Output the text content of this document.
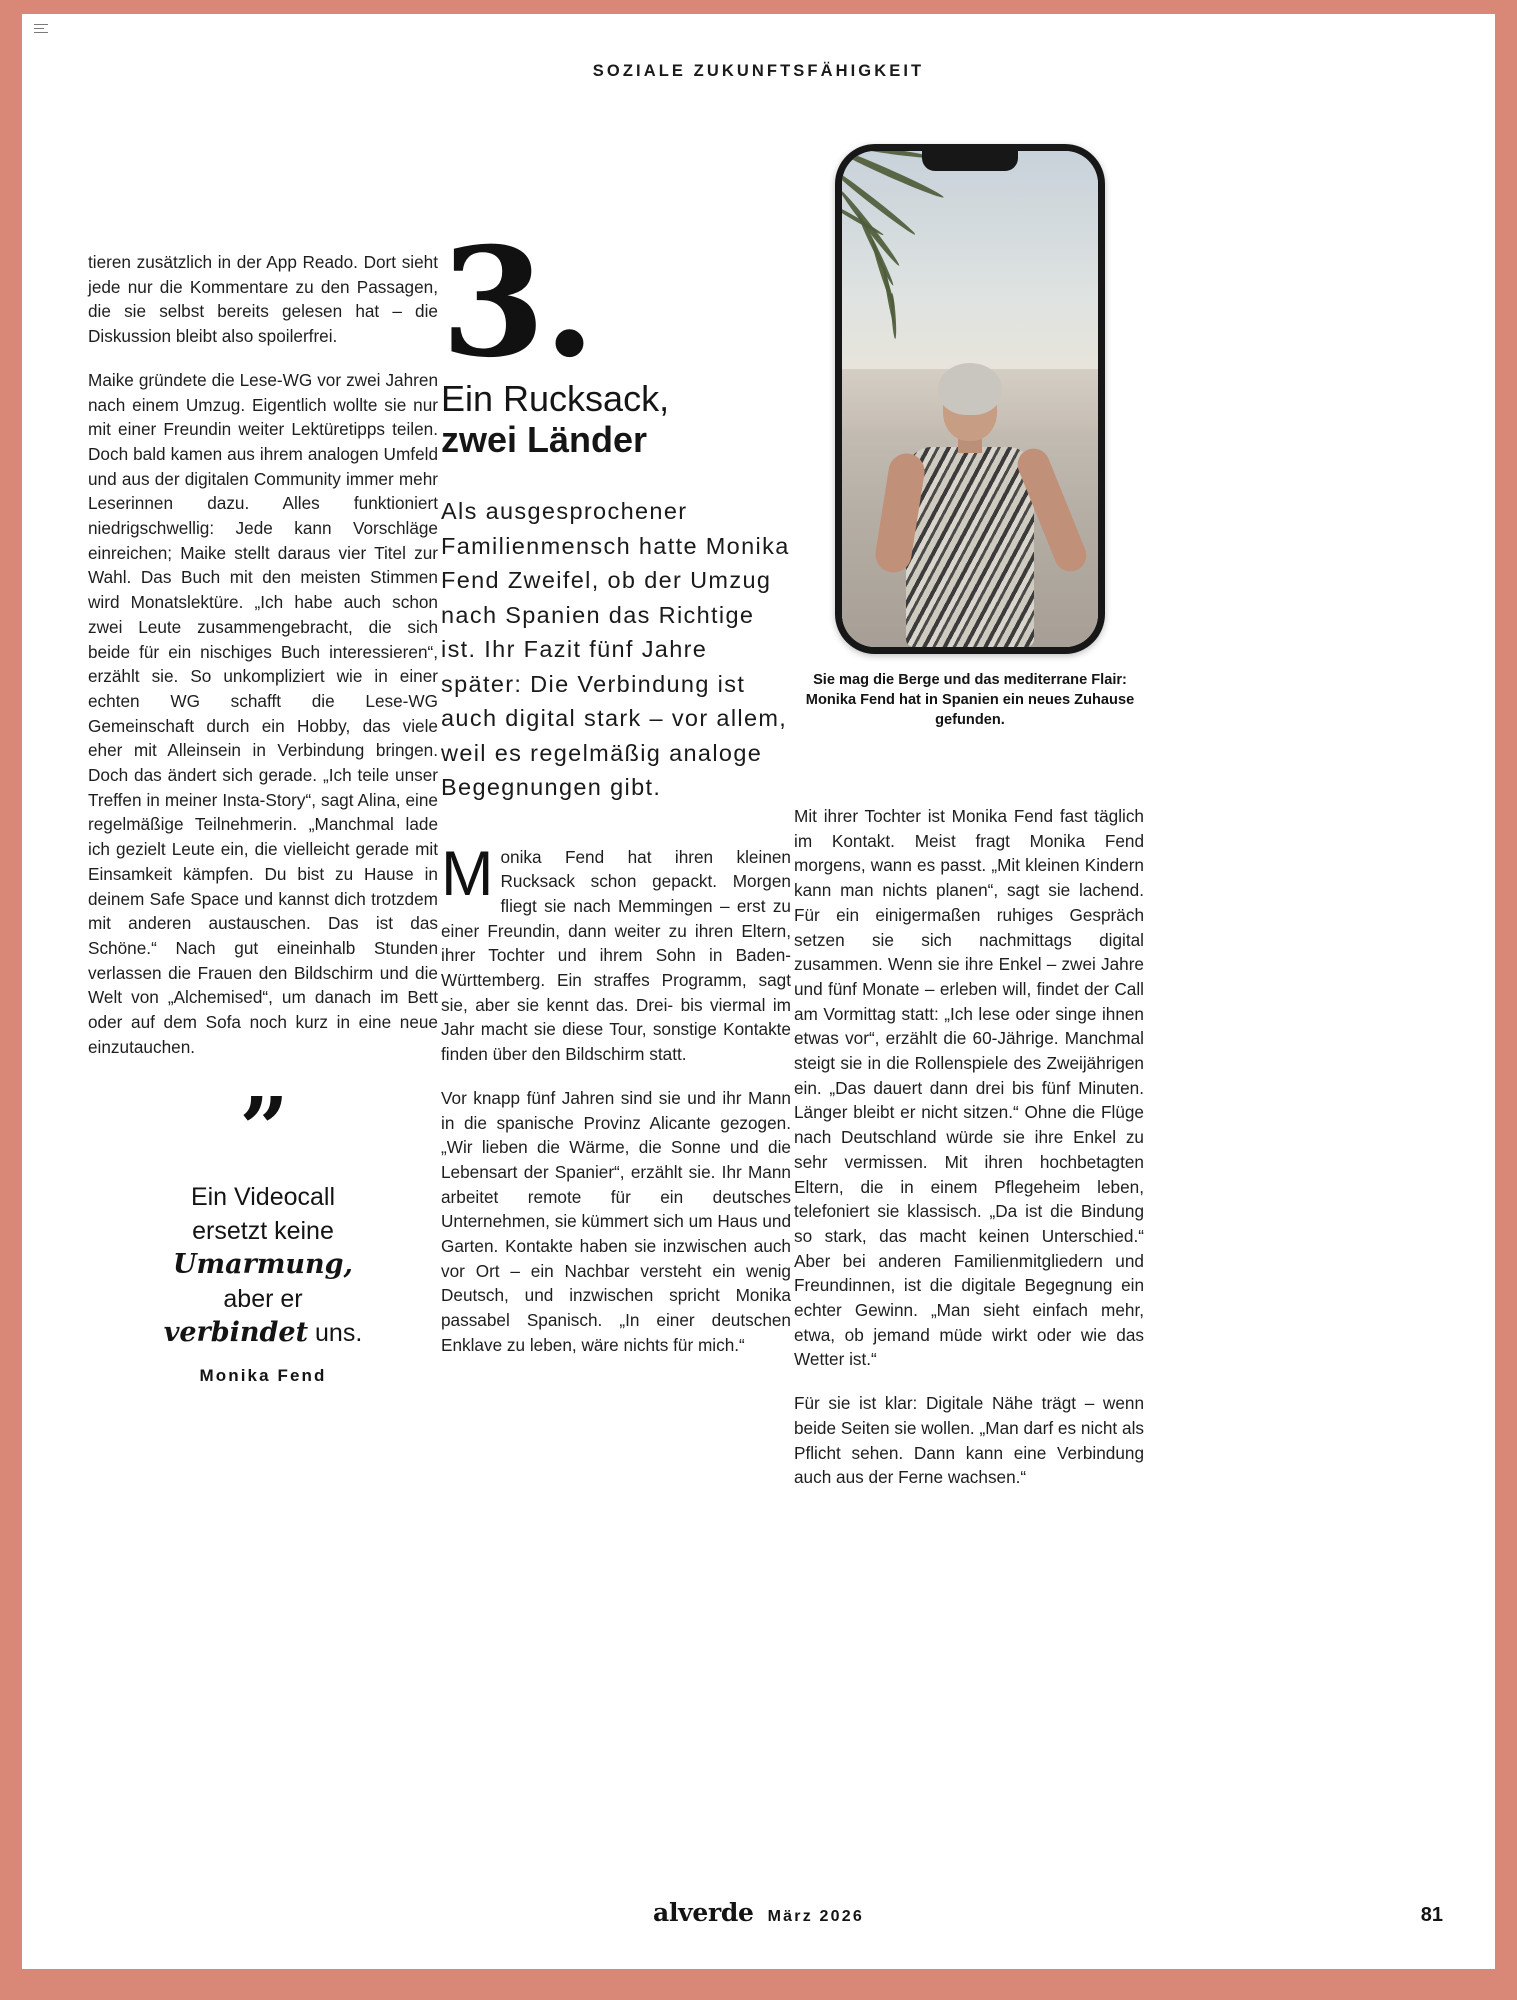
SOZIALE ZUKUNFTSFÄHIGKEIT

tieren zusätzlich in der App Reado. Dort sieht jede nur die Kommentare zu den Passagen, die sie selbst bereits gelesen hat – die Diskussion bleibt also spoilerfrei.

Maike gründete die Lese-WG vor zwei Jahren nach einem Umzug. Eigentlich wollte sie nur mit einer Freundin weiter Lektüretipps teilen. Doch bald kamen aus ihrem analogen Umfeld und aus der digitalen Community immer mehr Leserinnen dazu. Alles funktioniert niedrigschwellig: Jede kann Vorschläge einreichen; Maike stellt daraus vier Titel zur Wahl. Das Buch mit den meisten Stimmen wird Monatslektüre. „Ich habe auch schon zwei Leute zusammengebracht, die sich beide für ein nischiges Buch interessieren“, erzählt sie. So unkompliziert wie in einer echten WG schafft die Lese-WG Gemeinschaft durch ein Hobby, das viele eher mit Alleinsein in Verbindung bringen. Doch das ändert sich gerade. „Ich teile unser Treffen in meiner Insta-Story“, sagt Alina, eine regelmäßige Teilnehmerin. „Manchmal lade ich gezielt Leute ein, die vielleicht gerade mit Einsamkeit kämpfen. Du bist zu Hause in deinem Safe Space und kannst dich trotzdem mit anderen austauschen. Das ist das Schöne.“ Nach gut eineinhalb Stunden verlassen die Frauen den Bildschirm und die Welt von „Alchemised“, um danach im Bett oder auf dem Sofa noch kurz in eine neue einzutauchen.

”
Ein Videocall
ersetzt keine
Umarmung,
aber er
verbindet uns.
Monika Fend
3.
Ein Rucksack,
zwei Länder
Als ausgesprochener Familienmensch hatte Monika Fend Zweifel, ob der Umzug nach Spanien das Richtige ist. Ihr Fazit fünf Jahre später: Die Verbindung ist auch digital stark – vor allem, weil es regelmäßig analoge Begegnungen gibt.

Monika Fend hat ihren kleinen Rucksack schon gepackt. Morgen fliegt sie nach Memmingen – erst zu einer Freundin, dann weiter zu ihren Eltern, ihrer Tochter und ihrem Sohn in Baden-Württemberg. Ein straffes Programm, sagt sie, aber sie kennt das. Drei- bis viermal im Jahr macht sie diese Tour, sonstige Kontakte finden über den Bildschirm statt.

Vor knapp fünf Jahren sind sie und ihr Mann in die spanische Provinz Alicante gezogen. „Wir lieben die Wärme, die Sonne und die Lebensart der Spanier“, erzählt sie. Ihr Mann arbeitet remote für ein deutsches Unternehmen, sie kümmert sich um Haus und Garten. Kontakte haben sie inzwischen auch vor Ort – ein Nachbar versteht ein wenig Deutsch, und inzwischen spricht Monika passabel Spanisch. „In einer deutschen Enklave zu leben, wäre nichts für mich.“

Sie mag die Berge und das mediterrane Flair: Monika Fend hat in Spanien ein neues Zuhause gefunden.

Mit ihrer Tochter ist Monika Fend fast täglich im Kontakt. Meist fragt Monika Fend morgens, wann es passt. „Mit kleinen Kindern kann man nichts planen“, sagt sie lachend. Für ein einigermaßen ruhiges Gespräch setzen sie sich nachmittags digital zusammen. Wenn sie ihre Enkel – zwei Jahre und fünf Monate – erleben will, findet der Call am Vormittag statt: „Ich lese oder singe ihnen etwas vor“, erzählt die 60-Jährige. Manchmal steigt sie in die Rollenspiele des Zweijährigen ein. „Das dauert dann drei bis fünf Minuten. Länger bleibt er nicht sitzen.“ Ohne die Flüge nach Deutschland würde sie ihre Enkel zu sehr vermissen. Mit ihren hochbetagten Eltern, die in einem Pflegeheim leben, telefoniert sie klassisch. „Da ist die Bindung so stark, das macht keinen Unterschied.“ Aber bei anderen Familienmitgliedern und Freundinnen, ist die digitale Begegnung ein echter Gewinn. „Man sieht einfach mehr, etwa, ob jemand müde wirkt oder wie das Wetter ist.“

Für sie ist klar: Digitale Nähe trägt – wenn beide Seiten sie wollen. „Man darf es nicht als Pflicht sehen. Dann kann eine Verbindung auch aus der Ferne wachsen.“

alverde März 2026	81
